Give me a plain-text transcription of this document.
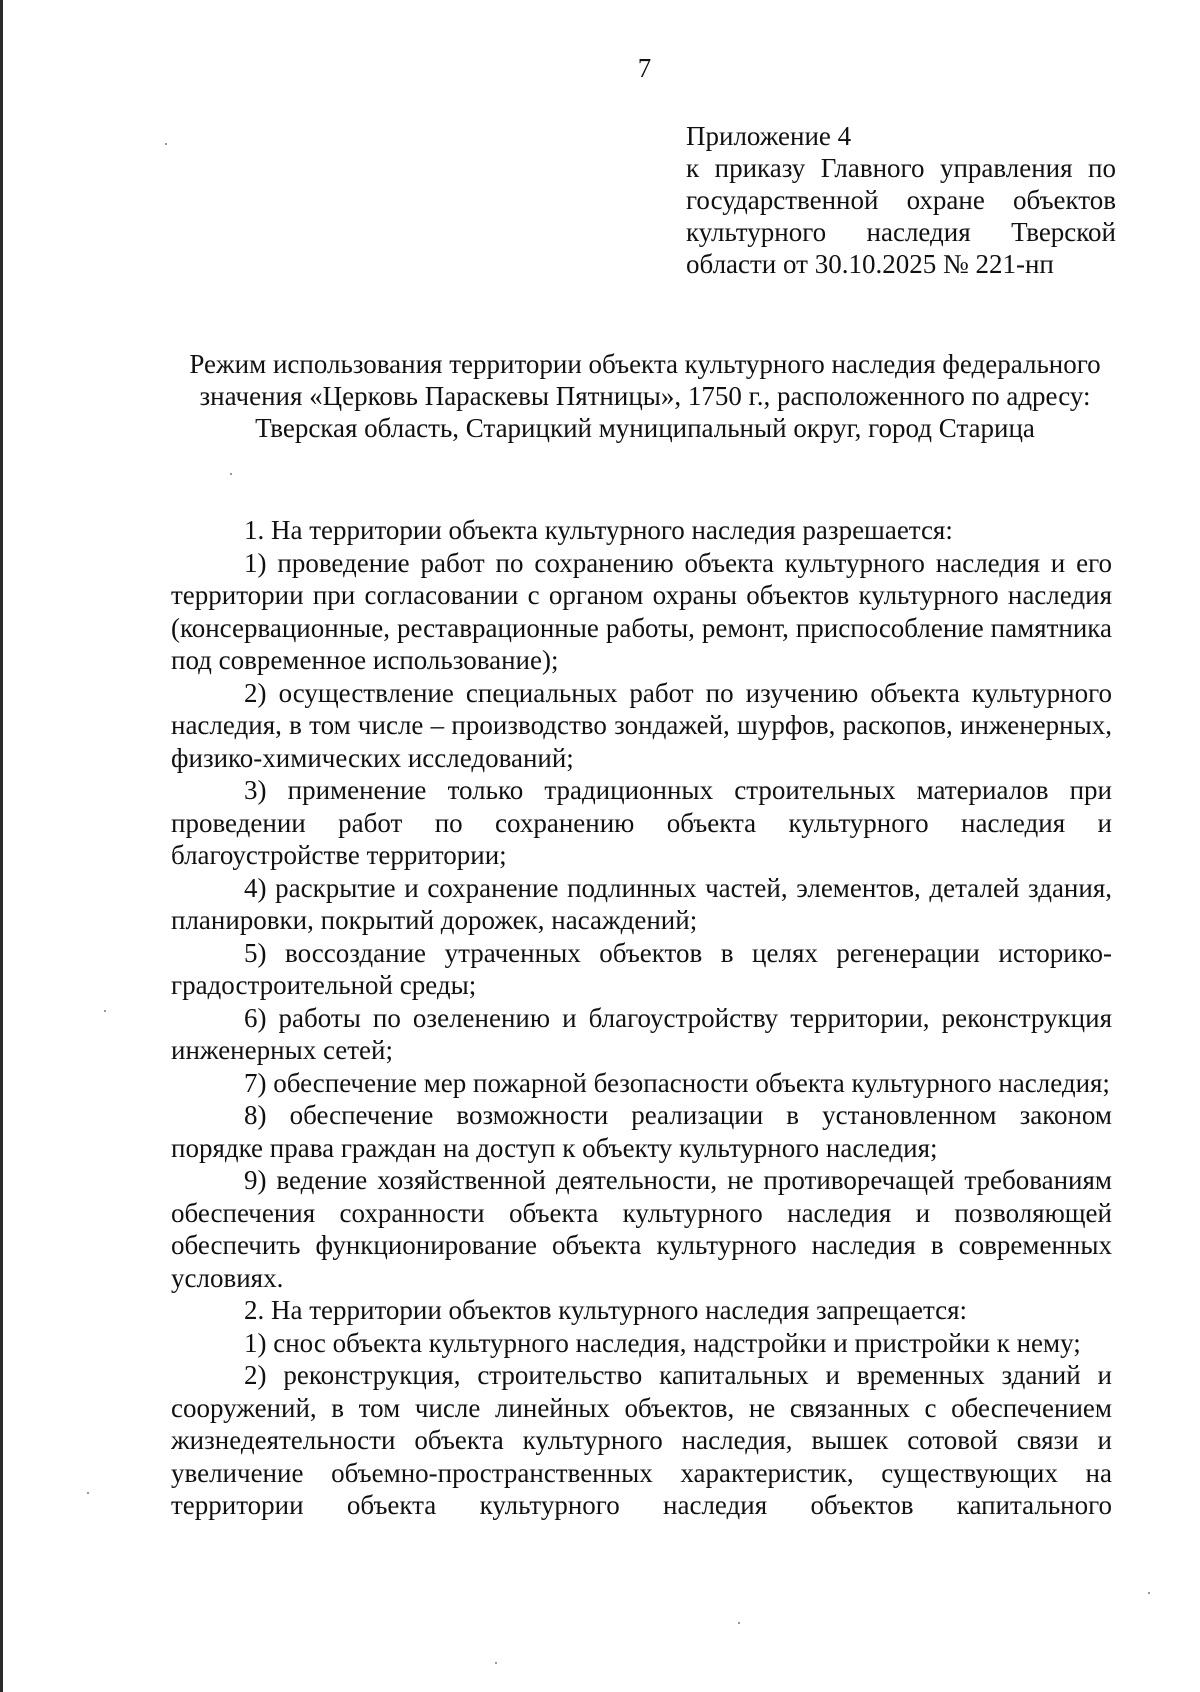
7
Приложение 4
к приказу Главного управления по государственной охране объектов культурного наследия Тверской области от 30.10.2025 № 221-нп
Режим использования территории объекта культурного наследия федерального значения «Церковь Параскевы Пятницы», 1750 г., расположенного по адресу: Тверская область, Старицкий муниципальный округ, город Старица

1. На территории объекта культурного наследия разрешается:

1) проведение работ по сохранению объекта культурного наследия и его территории при согласовании с органом охраны объектов культурного наследия (консервационные, реставрационные работы, ремонт, приспособление памятника под современное использование);

2) осуществление специальных работ по изучению объекта культурного наследия, в том числе – производство зондажей, шурфов, раскопов, инженерных, физико-химических исследований;

3) применение только традиционных строительных материалов при проведении работ по сохранению объекта культурного наследия и благоустройстве территории;

4) раскрытие и сохранение подлинных частей, элементов, деталей здания, планировки, покрытий дорожек, насаждений;

5) воссоздание утраченных объектов в целях регенерации историко-градостроительной среды;

6) работы по озеленению и благоустройству территории, реконструкция инженерных сетей;

7) обеспечение мер пожарной безопасности объекта культурного наследия;

8) обеспечение возможности реализации в установленном законом порядке права граждан на доступ к объекту культурного наследия;

9) ведение хозяйственной деятельности, не противоречащей требованиям обеспечения сохранности объекта культурного наследия и позволяющей обеспечить функционирование объекта культурного наследия в современных условиях.

2. На территории объектов культурного наследия запрещается:

1) снос объекта культурного наследия, надстройки и пристройки к нему;

2) реконструкция, строительство капитальных и временных зданий и сооружений, в том числе линейных объектов, не связанных с обеспечением жизнедеятельности объекта культурного наследия, вышек сотовой связи и увеличение объемно-пространственных характеристик, существующих на территории объекта культурного наследия объектов капитального
